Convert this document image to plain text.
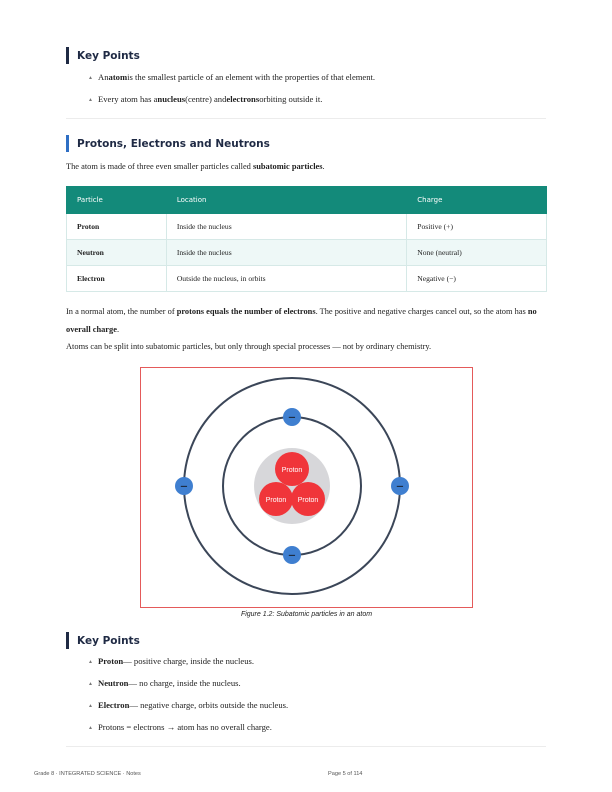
Key Points
▲ An atom is the smallest particle of an element with the properties of that element.
▲ Every atom has a nucleus (centre) and electrons orbiting outside it.
Protons, Electrons and Neutrons
The atom is made of three even smaller particles called subatomic particles.
Particle	Location	Charge
Proton	Inside the nucleus	Positive (+)
Neutron	Inside the nucleus	None (neutral)
Electron	Outside the nucleus, in orbits	Negative (−)
In a normal atom, the number of protons equals the number of electrons. The positive and negative charges cancel out, so the atom has no overall charge.
Atoms can be split into subatomic particles, but only through special processes — not by ordinary chemistry.
Proton
Proton Proton
−
−
−	−
Figure 1.2: Subatomic particles in an atom
Key Points
▲ Proton — positive charge, inside the nucleus.
▲ Neutron — no charge, inside the nucleus.
▲ Electron — negative charge, orbits outside the nucleus.
▲ Protons = electrons → atom has no overall charge.
Grade 8 · INTEGRATED SCIENCE · Notes	Page 5 of 114
